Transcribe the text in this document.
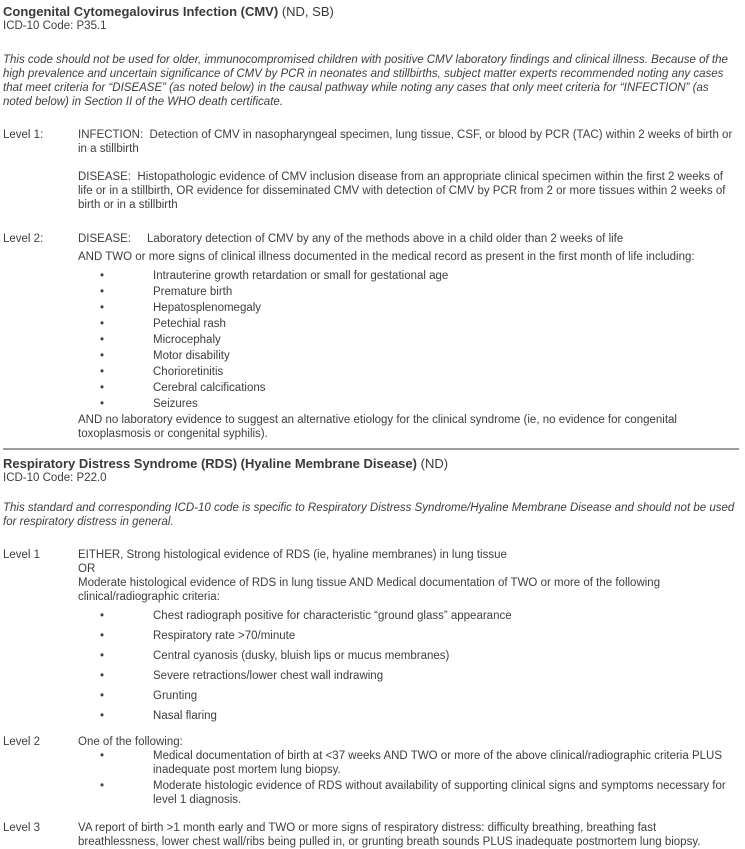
Congenital Cytomegalovirus Infection (CMV) (ND, SB)

ICD-10 Code: P35.1

This code should not be used for older, immunocompromised children with positive CMV laboratory findings and clinical illness. Because of the high prevalence and uncertain significance of CMV by PCR in neonates and stillbirths, subject matter experts recommended noting any cases that meet criteria for “DISEASE” (as noted below) in the causal pathway while noting any cases that only meet criteria for “INFECTION” (as noted below) in Section II of the WHO death certificate.

Level 1:	INFECTION:  Detection of CMV in nasopharyngeal specimen, lung tissue, CSF, or blood by PCR (TAC) within 2 weeks of birth or in a stillbirth

DISEASE:  Histopathologic evidence of CMV inclusion disease from an appropriate clinical specimen within the first 2 weeks of life or in a stillbirth, OR evidence for disseminated CMV with detection of CMV by PCR from 2 or more tissues within 2 weeks of birth or in a stillbirth

Level 2:	DISEASE:     Laboratory detection of CMV by any of the methods above in a child older than 2 weeks of life

AND TWO or more signs of clinical illness documented in the medical record as present in the first month of life including:

•	Intrauterine growth retardation or small for gestational age
•	Premature birth
•	Hepatosplenomegaly
•	Petechial rash
•	Microcephaly
•	Motor disability
•	Chorioretinitis
•	Cerebral calcifications
•	Seizures

AND no laboratory evidence to suggest an alternative etiology for the clinical syndrome (ie, no evidence for congenital toxoplasmosis or congenital syphilis).

Respiratory Distress Syndrome (RDS) (Hyaline Membrane Disease) (ND)

ICD-10 Code: P22.0

This standard and corresponding ICD-10 code is specific to Respiratory Distress Syndrome/Hyaline Membrane Disease and should not be used for respiratory distress in general.

Level 1	EITHER, Strong histological evidence of RDS (ie, hyaline membranes) in lung tissue

OR

Moderate histological evidence of RDS in lung tissue AND Medical documentation of TWO or more of the following clinical/radiographic criteria:

•	Chest radiograph positive for characteristic “ground glass” appearance
•	Respiratory rate >70/minute
•	Central cyanosis (dusky, bluish lips or mucus membranes)
•	Severe retractions/lower chest wall indrawing
•	Grunting
•	Nasal flaring
Level 2	One of the following:

•	Medical documentation of birth at <37 weeks AND TWO or more of the above clinical/radiographic criteria PLUS inadequate post mortem lung biopsy.
•	Moderate histologic evidence of RDS without availability of supporting clinical signs and symptoms necessary for level 1 diagnosis.
Level 3	VA report of birth >1 month early and TWO or more signs of respiratory distress: difficulty breathing, breathing fast breathlessness, lower chest wall/ribs being pulled in, or grunting breath sounds PLUS inadequate postmortem lung biopsy.
